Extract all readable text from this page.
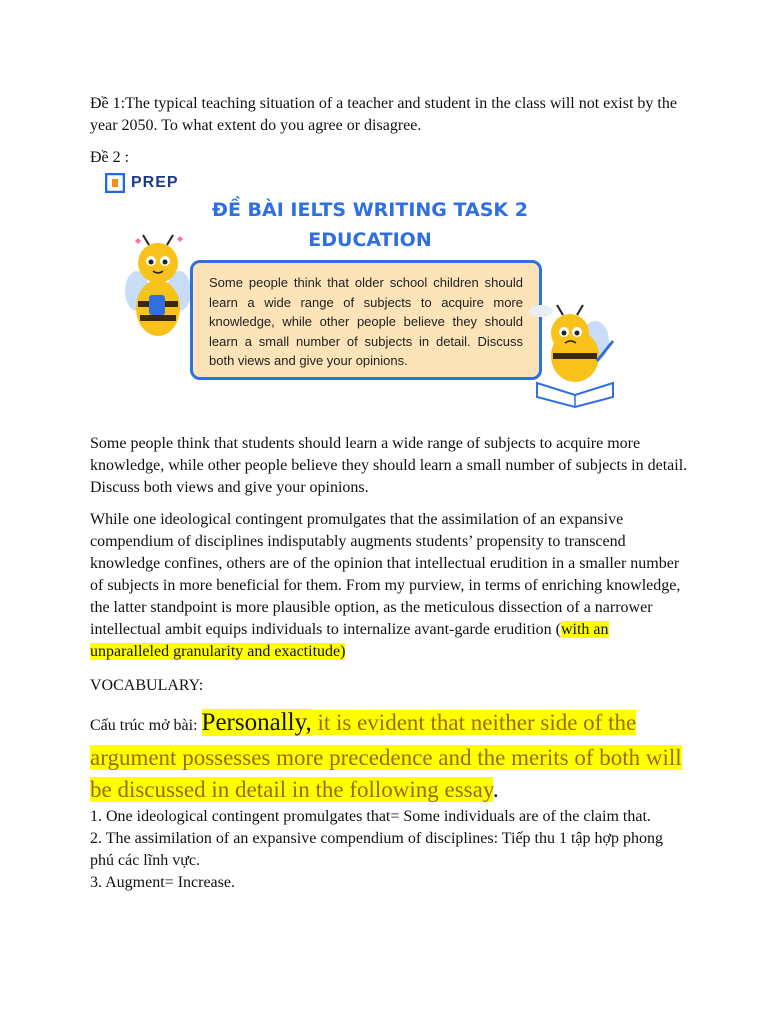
Đề 1:The typical teaching situation of a teacher and student in the class will not exist by the year 2050. To what extent do you agree or disagree.

Đề 2 :

PREP
ĐỀ BÀI IELTS WRITING TASK 2
EDUCATION
Some people think that older school children should learn a wide range of subjects to acquire more knowledge, while other people believe they should learn a small number of subjects in detail. Discuss both views and give your opinions.

Some people think that students should learn a wide range of subjects to acquire more knowledge, while other people believe they should learn a small number of subjects in detail. Discuss both views and give your opinions.

While one ideological contingent promulgates that the assimilation of an expansive compendium of disciplines indisputably augments students’ propensity to transcend knowledge confines, others are of the opinion that intellectual erudition in a smaller number of subjects in more beneficial for them. From my purview, in terms of enriching knowledge, the latter standpoint is more plausible option, as the meticulous dissection of a narrower intellectual ambit equips individuals to internalize avant-garde erudition (with an unparalleled granularity and exactitude)

VOCABULARY:

Cấu trúc mở bài: Personally, it is evident that neither side of the argument possesses more precedence and the merits of both will be discussed in detail in the following essay.

1. One ideological contingent promulgates that= Some individuals are of the claim that.

2. The assimilation of an expansive compendium of disciplines: Tiếp thu 1 tập hợp phong phú các lĩnh vực.

3. Augment= Increase.
